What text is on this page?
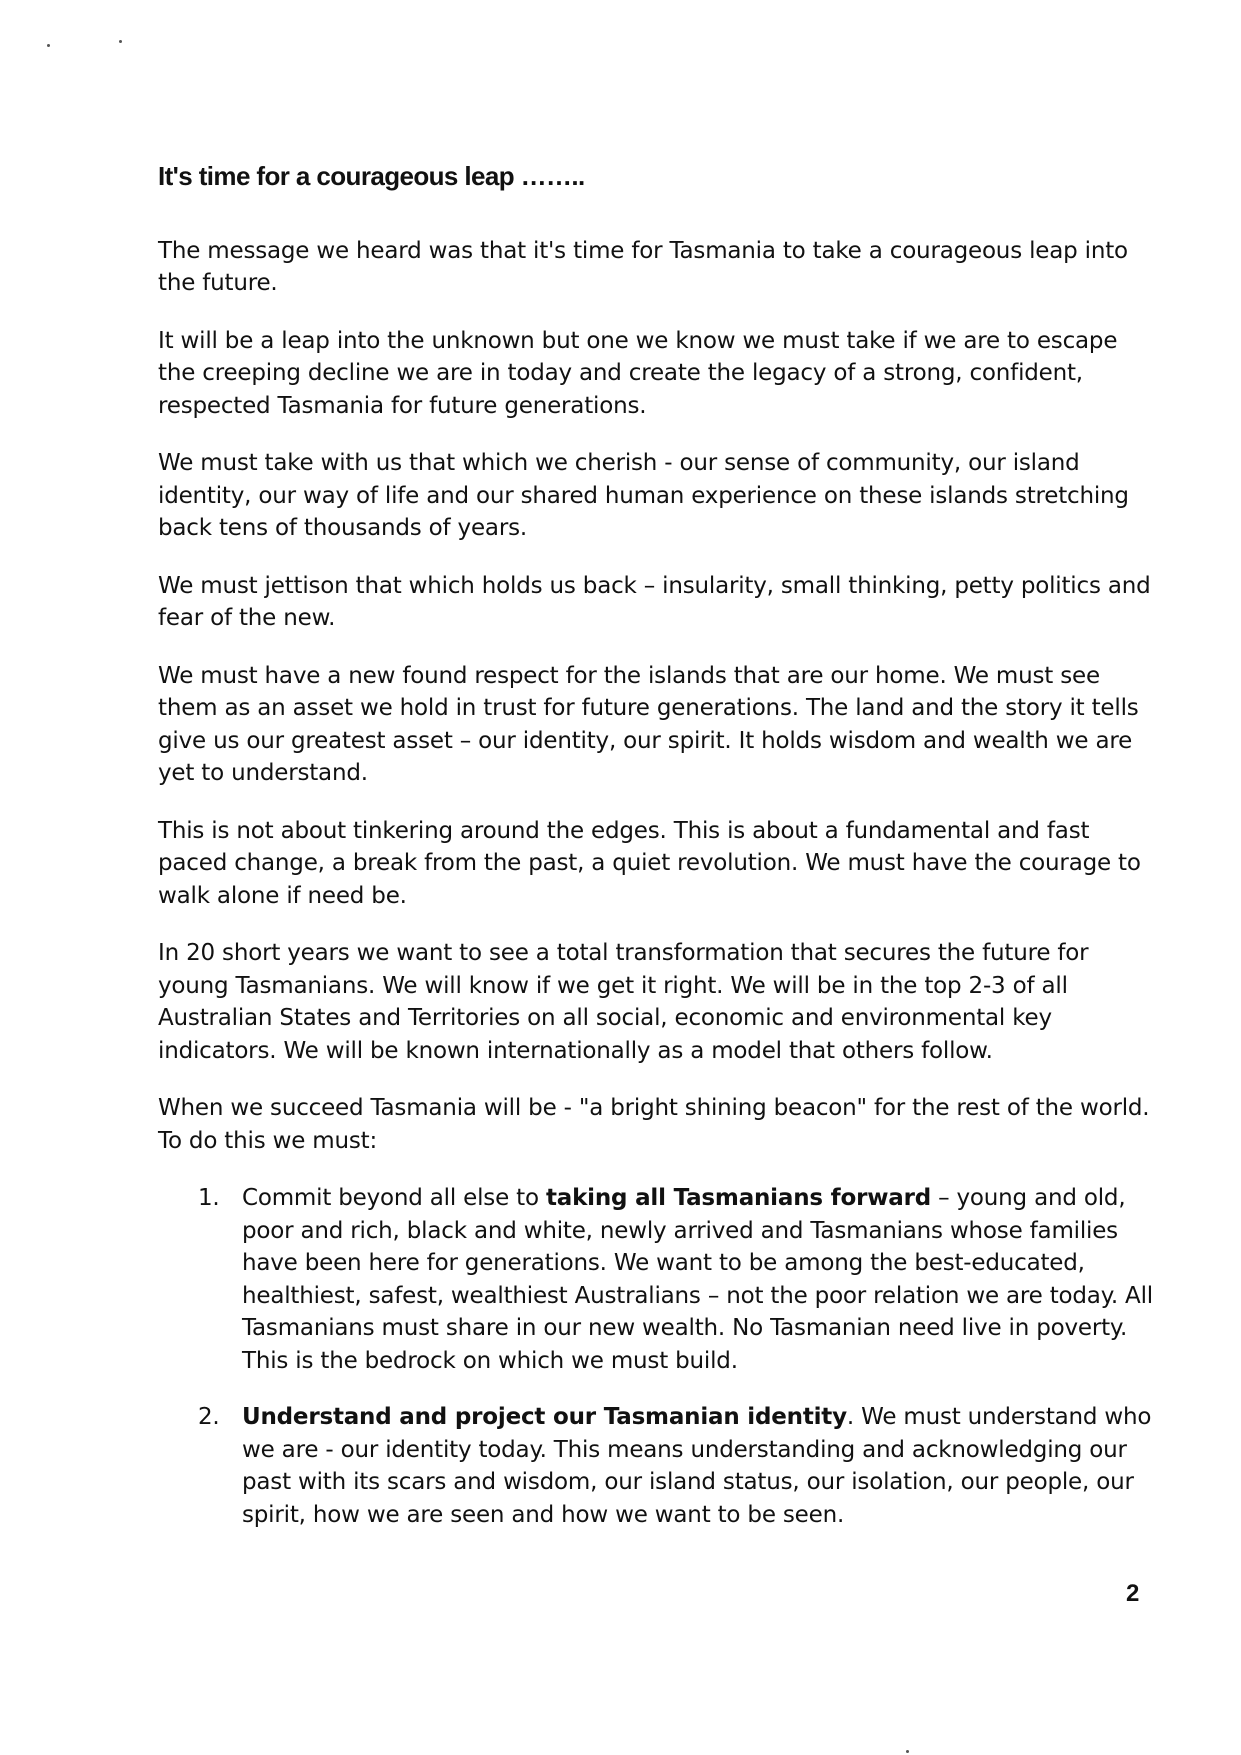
It's time for a courageous leap ……..

The message we heard was that it's time for Tasmania to take a courageous leap into the future.

It will be a leap into the unknown but one we know we must take if we are to escape the creeping decline we are in today and create the legacy of a strong, confident, respected Tasmania for future generations.

We must take with us that which we cherish - our sense of community, our island identity, our way of life and our shared human experience on these islands stretching back tens of thousands of years.

We must jettison that which holds us back – insularity, small thinking, petty politics and fear of the new.

We must have a new found respect for the islands that are our home. We must see them as an asset we hold in trust for future generations. The land and the story it tells give us our greatest asset – our identity, our spirit. It holds wisdom and wealth we are yet to understand.

This is not about tinkering around the edges. This is about a fundamental and fast paced change, a break from the past, a quiet revolution. We must have the courage to walk alone if need be.

In 20 short years we want to see a total transformation that secures the future for young Tasmanians. We will know if we get it right. We will be in the top 2-3 of all Australian States and Territories on all social, economic and environmental key indicators. We will be known internationally as a model that others follow.

When we succeed Tasmania will be - "a bright shining beacon" for the rest of the world. To do this we must:

1. Commit beyond all else to taking all Tasmanians forward – young and old, poor and rich, black and white, newly arrived and Tasmanians whose families have been here for generations. We want to be among the best-educated, healthiest, safest, wealthiest Australians – not the poor relation we are today. All Tasmanians must share in our new wealth. No Tasmanian need live in poverty. This is the bedrock on which we must build.
2. Understand and project our Tasmanian identity. We must understand who we are - our identity today. This means understanding and acknowledging our past with its scars and wisdom, our island status, our isolation, our people, our spirit, how we are seen and how we want to be seen.
2
